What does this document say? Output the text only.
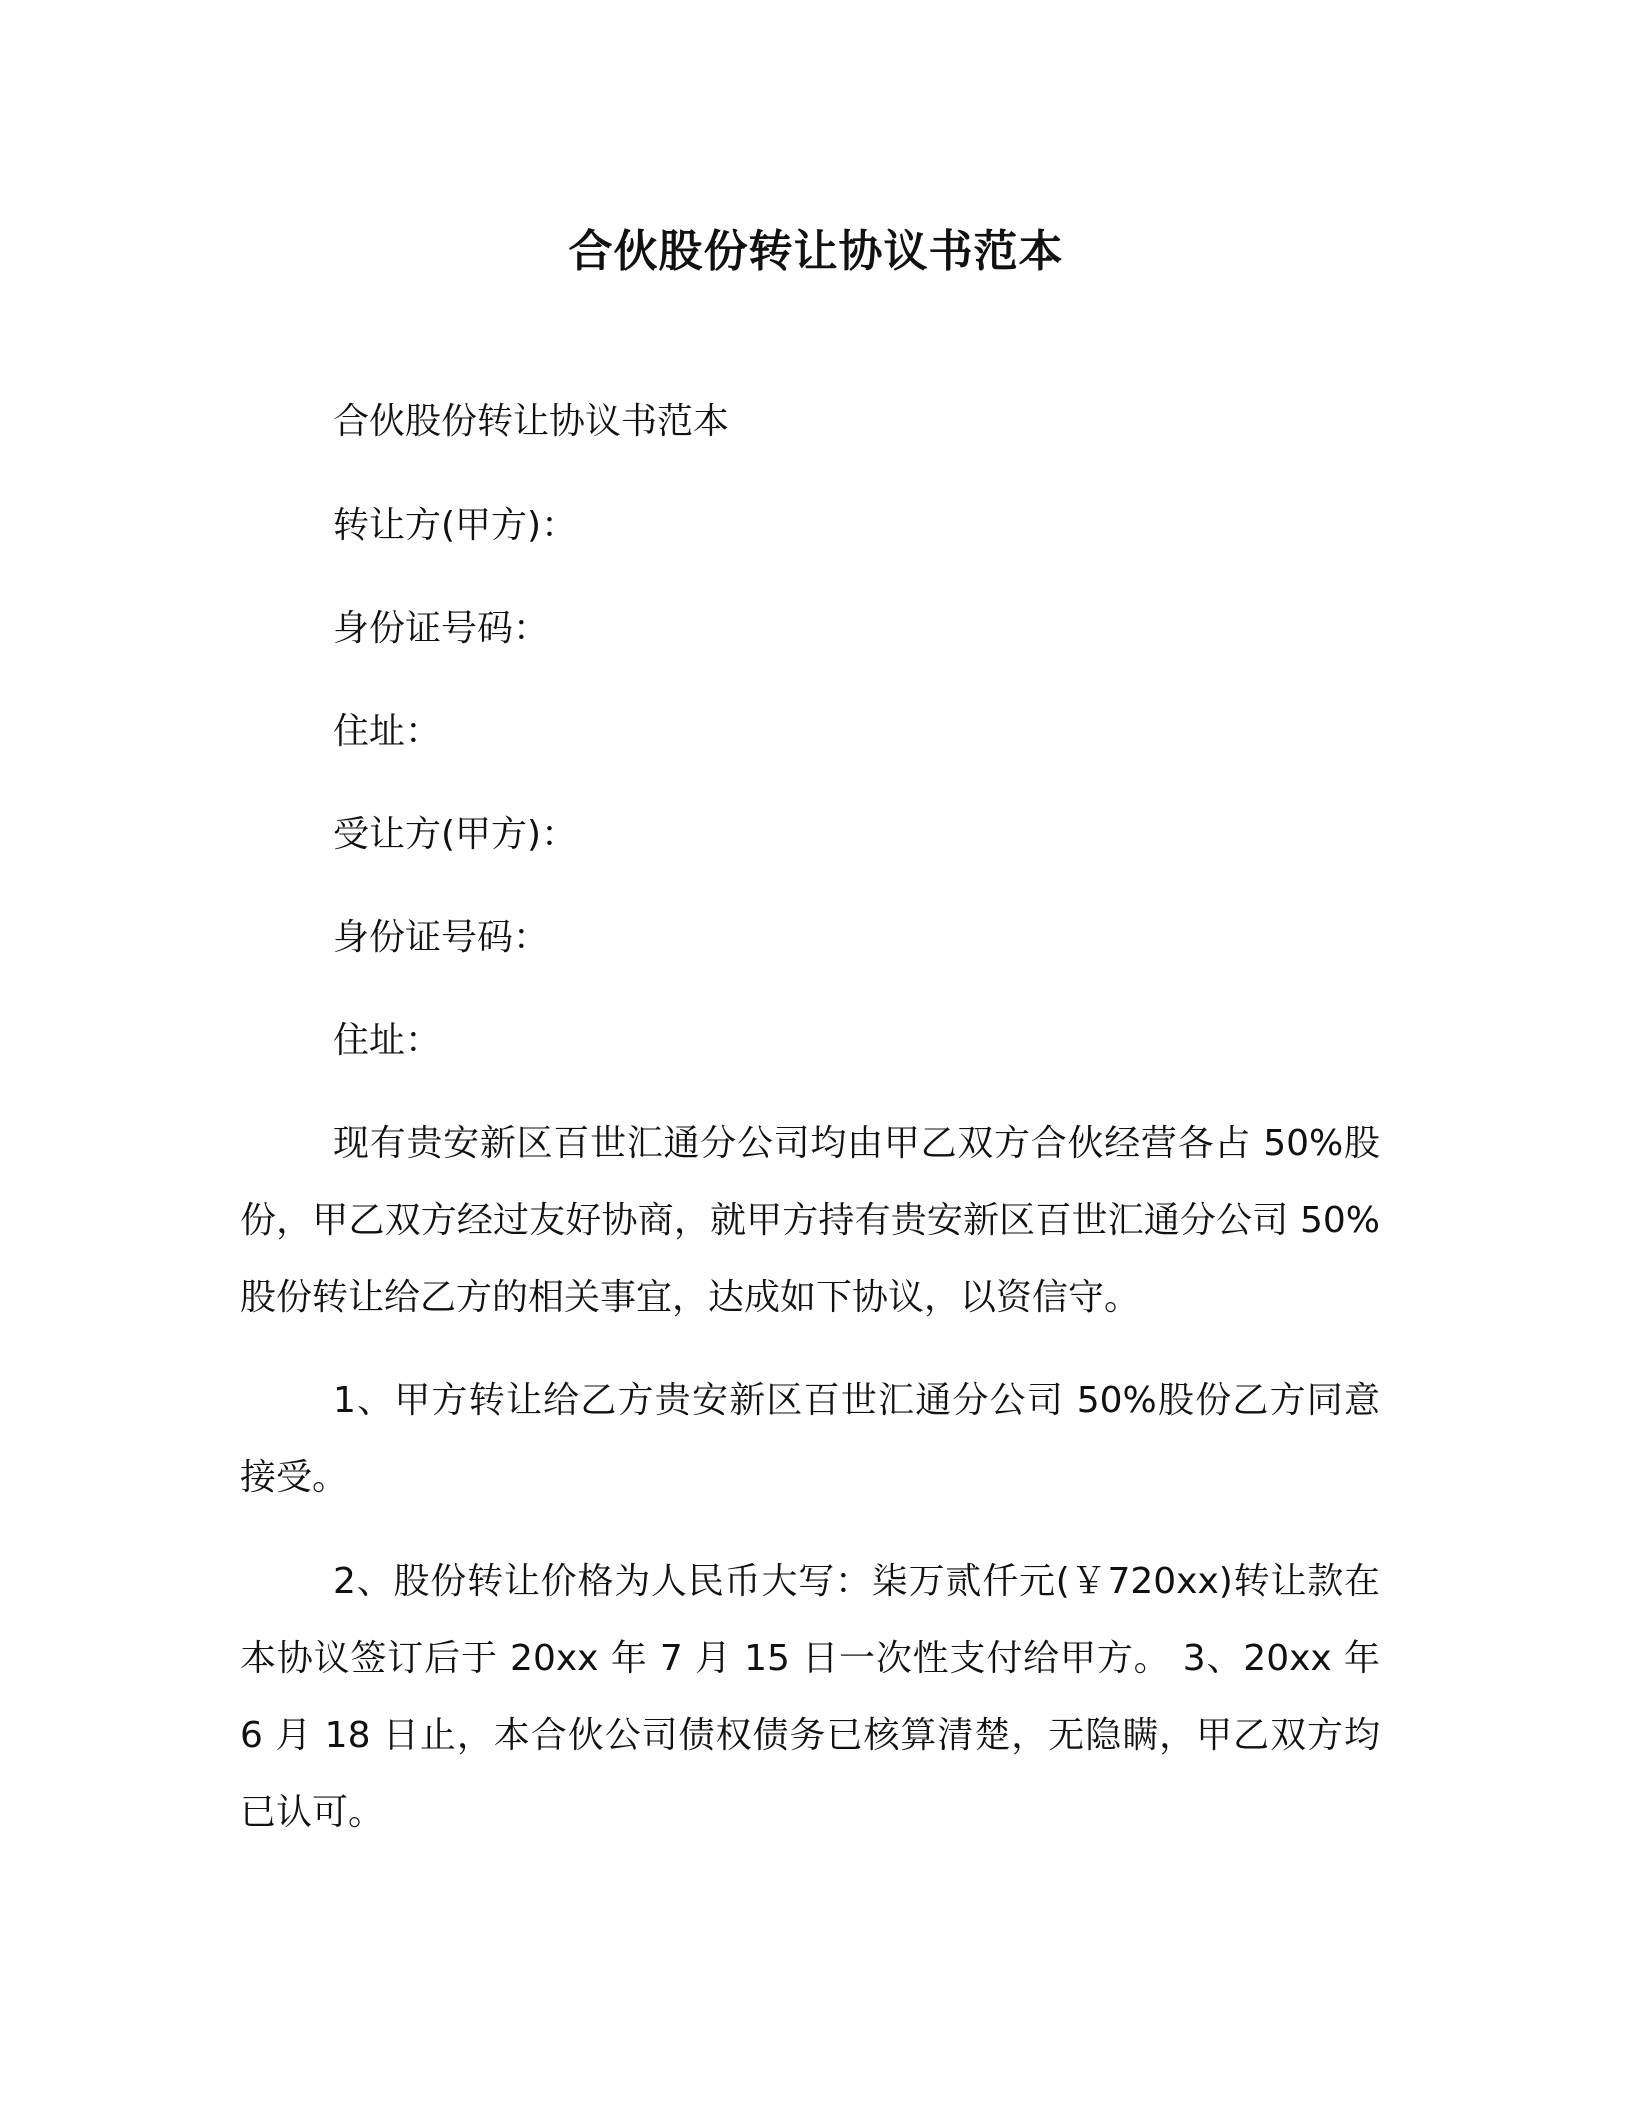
合伙股份转让协议书范本
合伙股份转让协议书范本
转让方(甲方)：
身份证号码：
住址：
受让方(甲方)：
身份证号码：
住址：

现有贵安新区百世汇通分公司均由甲乙双方合伙经营各占 50%股份，甲乙双方经过友好协商，就甲方持有贵安新区百世汇通分公司 50%股份转让给乙方的相关事宜，达成如下协议，以资信守。

1、甲方转让给乙方贵安新区百世汇通分公司 50%股份乙方同意接受。

2、股份转让价格为人民币大写：柒万贰仟元(￥720xx)转让款在本协议签订后于 20xx 年 7 月 15 日一次性支付给甲方。 3、20xx 年 6 月 18 日止，本合伙公司债权债务已核算清楚，无隐瞒，甲乙双方均已认可。
